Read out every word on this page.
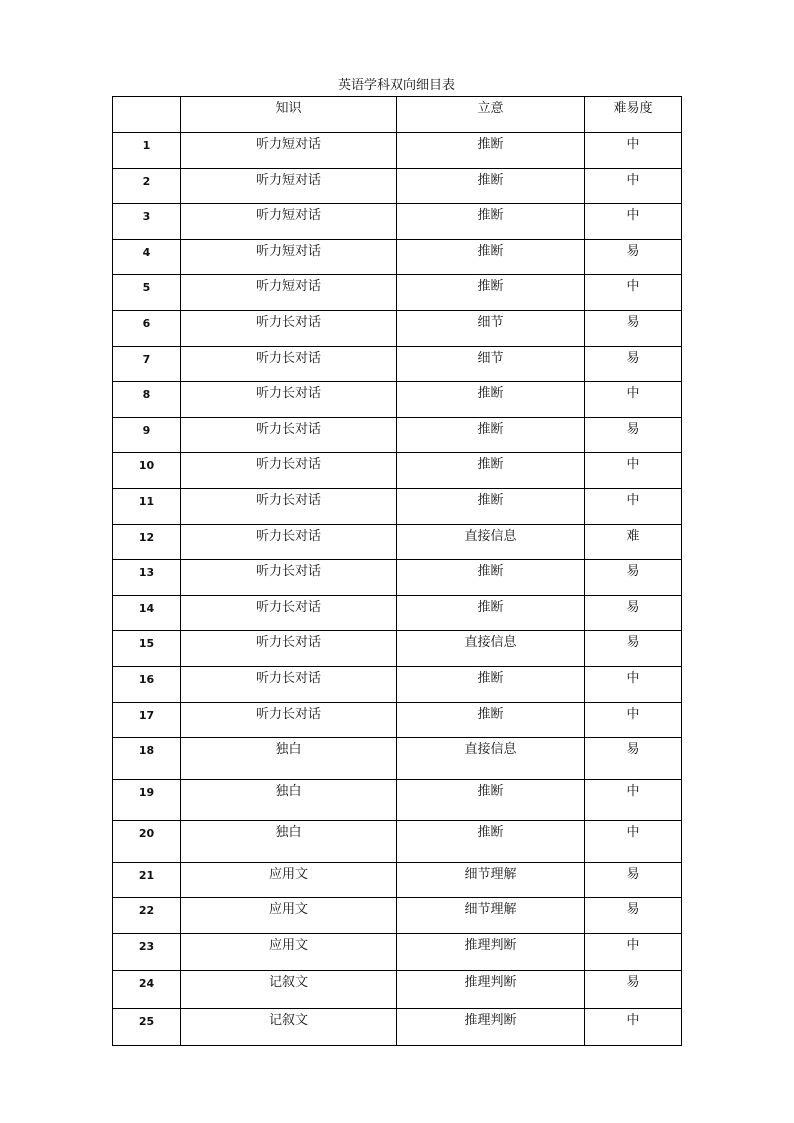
英语学科双向细目表

	知识	立意	难易度

1	听力短对话	推断	中

2	听力短对话	推断	中

3	听力短对话	推断	中

4	听力短对话	推断	易

5	听力短对话	推断	中

6	听力长对话	细节	易

7	听力长对话	细节	易

8	听力长对话	推断	中

9	听力长对话	推断	易

10	听力长对话	推断	中

11	听力长对话	推断	中

12	听力长对话	直接信息	难

13	听力长对话	推断	易

14	听力长对话	推断	易

15	听力长对话	直接信息	易

16	听力长对话	推断	中

17	听力长对话	推断	中

18	独白	直接信息	易

19	独白	推断	中

20	独白	推断	中

21	应用文	细节理解	易

22	应用文	细节理解	易

23	应用文	推理判断	中

24	记叙文	推理判断	易

25	记叙文	推理判断	中
